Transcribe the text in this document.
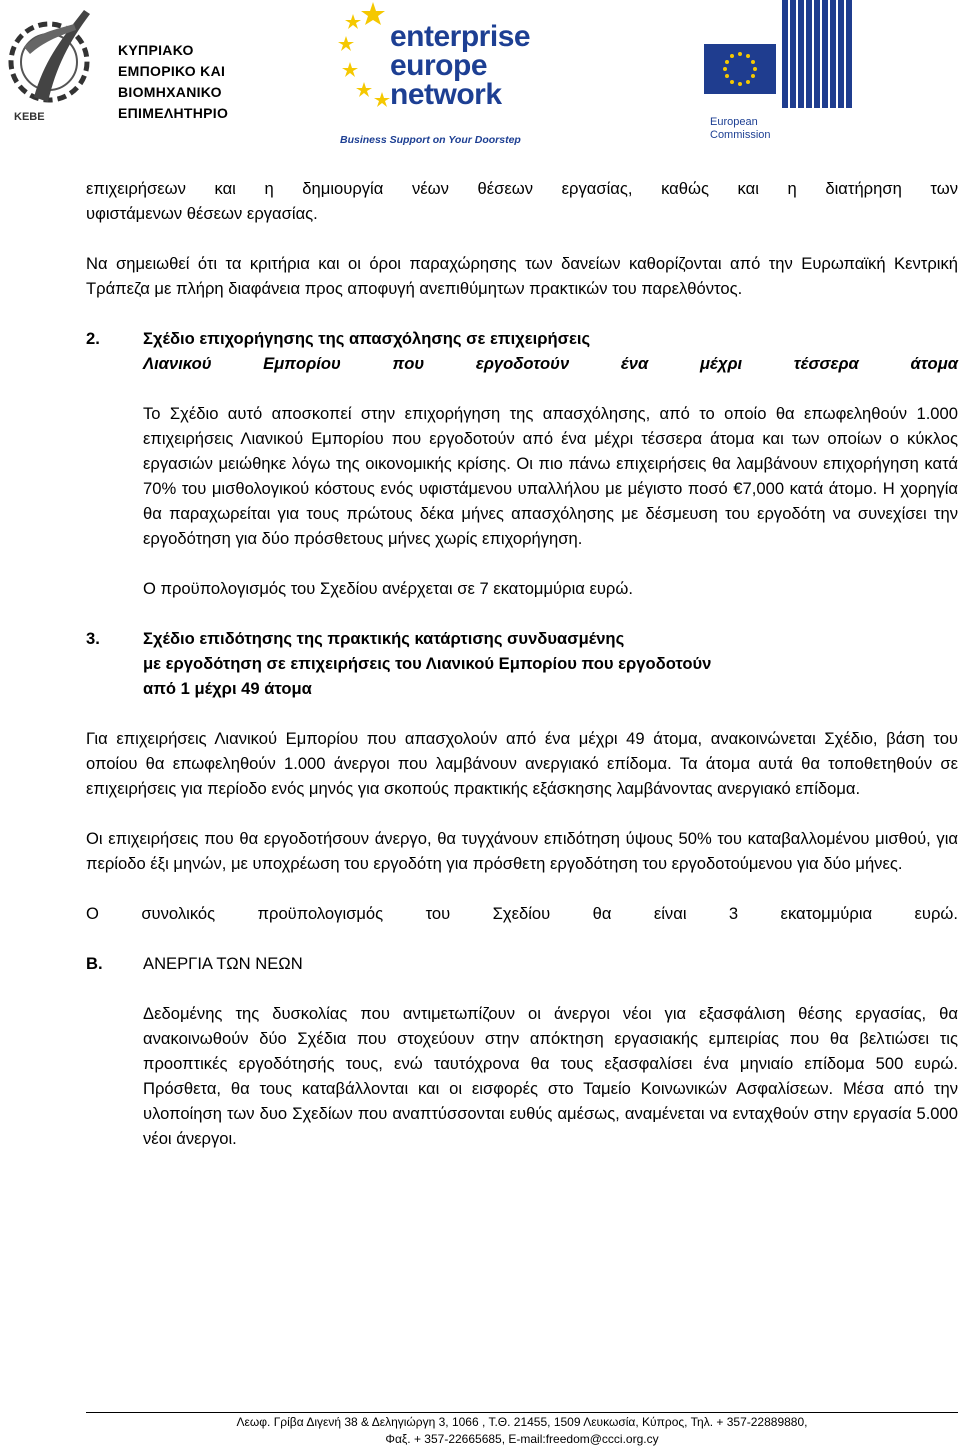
ΚΕΒΕ
ΚΥΠΡΙΑΚΟ
ΕΜΠΟΡΙΚΟ ΚΑΙ
ΒΙΟΜΗΧΑΝΙΚΟ
ΕΠΙΜΕΛΗΤΗΡΙΟ
enterprise
europe
network
Business Support on Your Doorstep
European
Commission

επιχειρήσεων και η δημιουργία νέων θέσεων εργασίας, καθώς και η διατήρηση των

υφιστάμενων θέσεων εργασίας.

Να σημειωθεί ότι τα κριτήρια και οι όροι παραχώρησης των δανείων καθορίζονται από την Ευρωπαϊκή Κεντρική Τράπεζα με πλήρη διαφάνεια προς αποφυγή ανεπιθύμητων πρακτικών του παρελθόντος.

2.	Σχέδιο επιχορήγησης της απασχόλησης σε επιχειρήσεις
Λιανικού Εμπορίου που εργοδοτούν ένα μέχρι τέσσερα άτομα

Το Σχέδιο αυτό αποσκοπεί στην επιχορήγηση της απασχόλησης, από το οποίο θα επωφεληθούν 1.000 επιχειρήσεις Λιανικού Εμπορίου που εργοδοτούν από ένα μέχρι τέσσερα άτομα και των οποίων ο κύκλος εργασιών μειώθηκε λόγω της οικονομικής κρίσης. Οι πιο πάνω επιχειρήσεις θα λαμβάνουν επιχορήγηση κατά 70% του μισθολογικού κόστους ενός υφιστάμενου υπαλλήλου με μέγιστο ποσό €7,000 κατά άτομο. Η χορηγία θα παραχωρείται για τους πρώτους δέκα μήνες απασχόλησης με δέσμευση του εργοδότη να συνεχίσει την εργοδότηση για δύο πρόσθετους μήνες χωρίς επιχορήγηση.

Ο προϋπολογισμός του Σχεδίου ανέρχεται σε 7 εκατομμύρια ευρώ.

3.	Σχέδιο επιδότησης της πρακτικής κατάρτισης συνδυασμένης
με εργοδότηση σε επιχειρήσεις του Λιανικού Εμπορίου που εργοδοτούν
από 1 μέχρι 49 άτομα

Για επιχειρήσεις Λιανικού Εμπορίου που απασχολούν από ένα μέχρι 49 άτομα, ανακοινώνεται Σχέδιο, βάση του οποίου θα επωφεληθούν 1.000 άνεργοι που λαμβάνουν ανεργιακό επίδομα. Τα άτομα αυτά θα τοποθετηθούν σε επιχειρήσεις για περίοδο ενός μηνός για σκοπούς πρακτικής εξάσκησης λαμβάνοντας ανεργιακό επίδομα.

Οι επιχειρήσεις που θα εργοδοτήσουν άνεργο, θα τυγχάνουν επιδότηση ύψους 50% του καταβαλλομένου μισθού, για περίοδο έξι μηνών, με υποχρέωση του εργοδότη για πρόσθετη εργοδότηση του εργοδοτούμενου για δύο μήνες.

Ο συνολικός προϋπολογισμός του Σχεδίου θα είναι 3 εκατομμύρια ευρώ.

B. ΑΝΕΡΓΙΑ ΤΩΝ ΝΕΩΝ

Δεδομένης της δυσκολίας που αντιμετωπίζουν οι άνεργοι νέοι για εξασφάλιση θέσης εργασίας, θα ανακοινωθούν δύο Σχέδια που στοχεύουν στην απόκτηση εργασιακής εμπειρίας που θα βελτιώσει τις προοπτικές εργοδότησής τους, ενώ ταυτόχρονα θα τους εξασφαλίσει ένα μηνιαίο επίδομα 500 ευρώ. Πρόσθετα, θα τους καταβάλλονται και οι εισφορές στο Ταμείο Κοινωνικών Ασφαλίσεων. Μέσα από την υλοποίηση των δυο Σχεδίων που αναπτύσσονται ευθύς αμέσως, αναμένεται να ενταχθούν στην εργασία 5.000 νέοι άνεργοι.

Λεωφ. Γρίβα Διγενή 38 & Δεληγιώργη 3, 1066 , Τ.Θ. 21455, 1509 Λευκωσία, Κύπρος, Τηλ. + 357-22889880,
Φαξ. + 357-22665685, E-mail:freedom@ccci.org.cy
